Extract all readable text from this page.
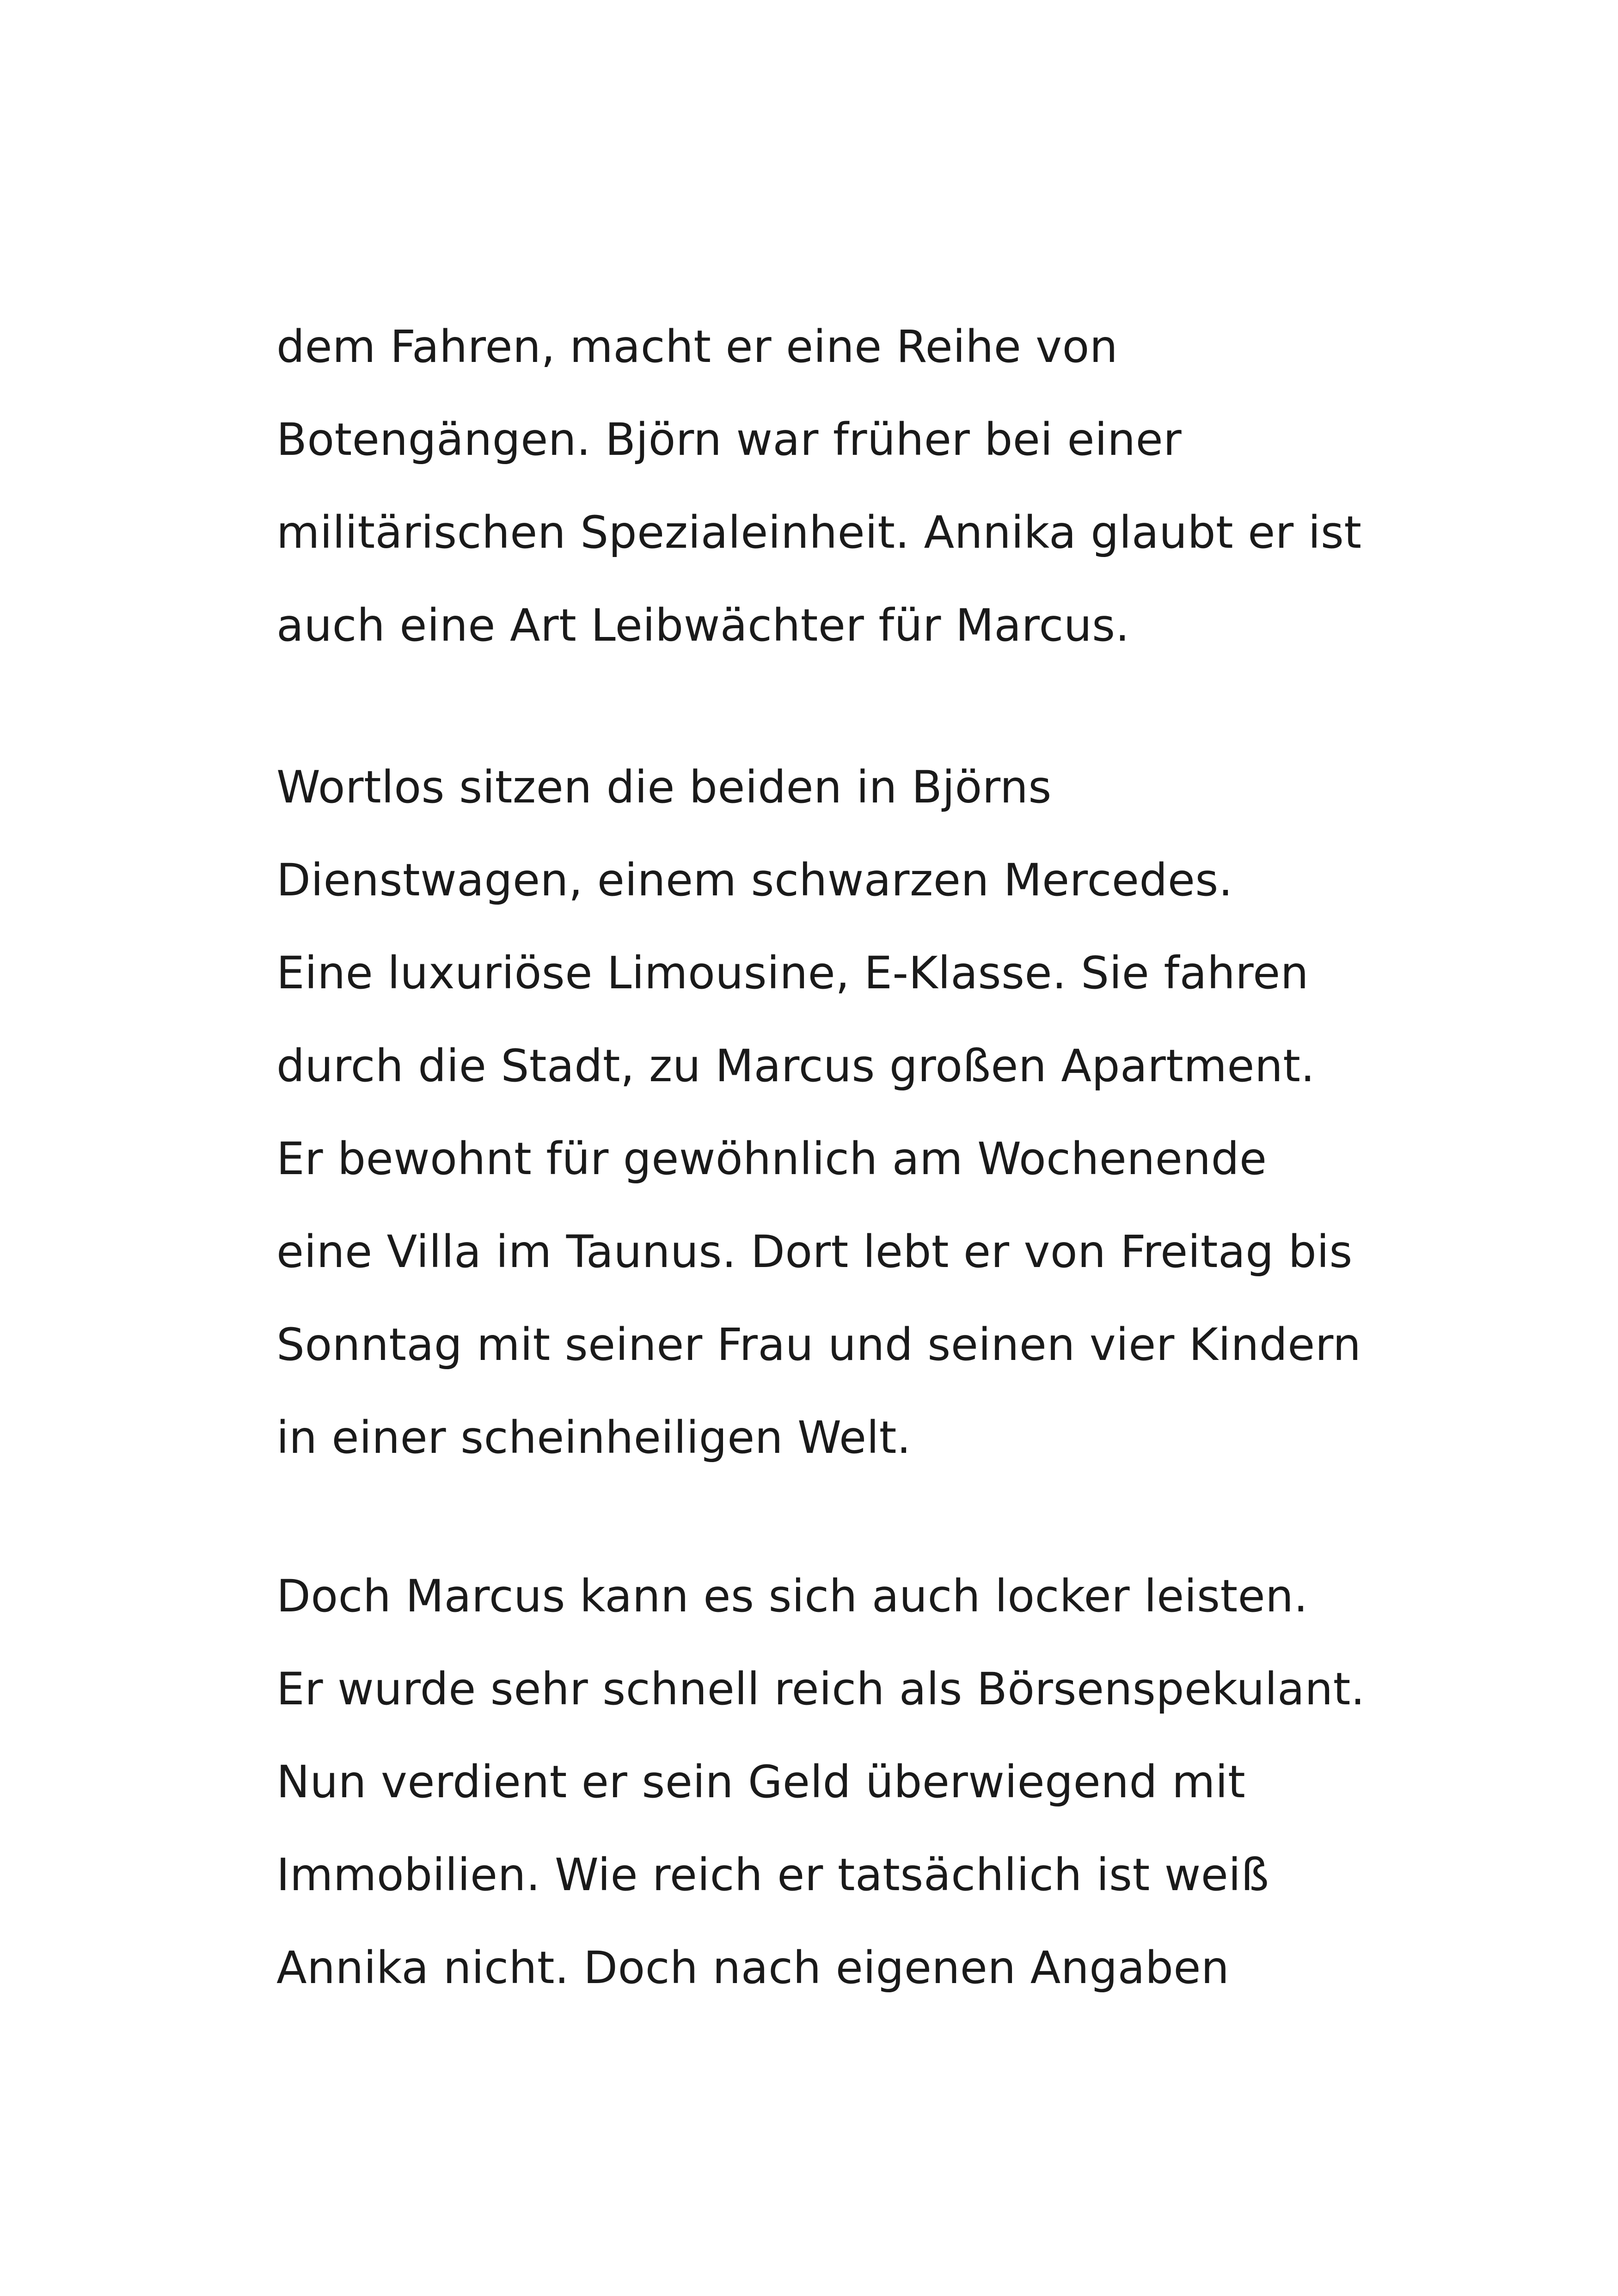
dem Fahren, macht er eine Reihe von
Botengängen. Björn war früher bei einer
militärischen Spezialeinheit. Annika glaubt er ist
auch eine Art Leibwächter für Marcus.
Wortlos sitzen die beiden in Björns
Dienstwagen, einem schwarzen Mercedes.
Eine luxuriöse Limousine, E-Klasse. Sie fahren
durch die Stadt, zu Marcus großen Apartment.
Er bewohnt für gewöhnlich am Wochenende
eine Villa im Taunus. Dort lebt er von Freitag bis
Sonntag mit seiner Frau und seinen vier Kindern
in einer scheinheiligen Welt.
Doch Marcus kann es sich auch locker leisten.
Er wurde sehr schnell reich als Börsenspekulant.
Nun verdient er sein Geld überwiegend mit
Immobilien. Wie reich er tatsächlich ist weiß
Annika nicht. Doch nach eigenen Angaben
